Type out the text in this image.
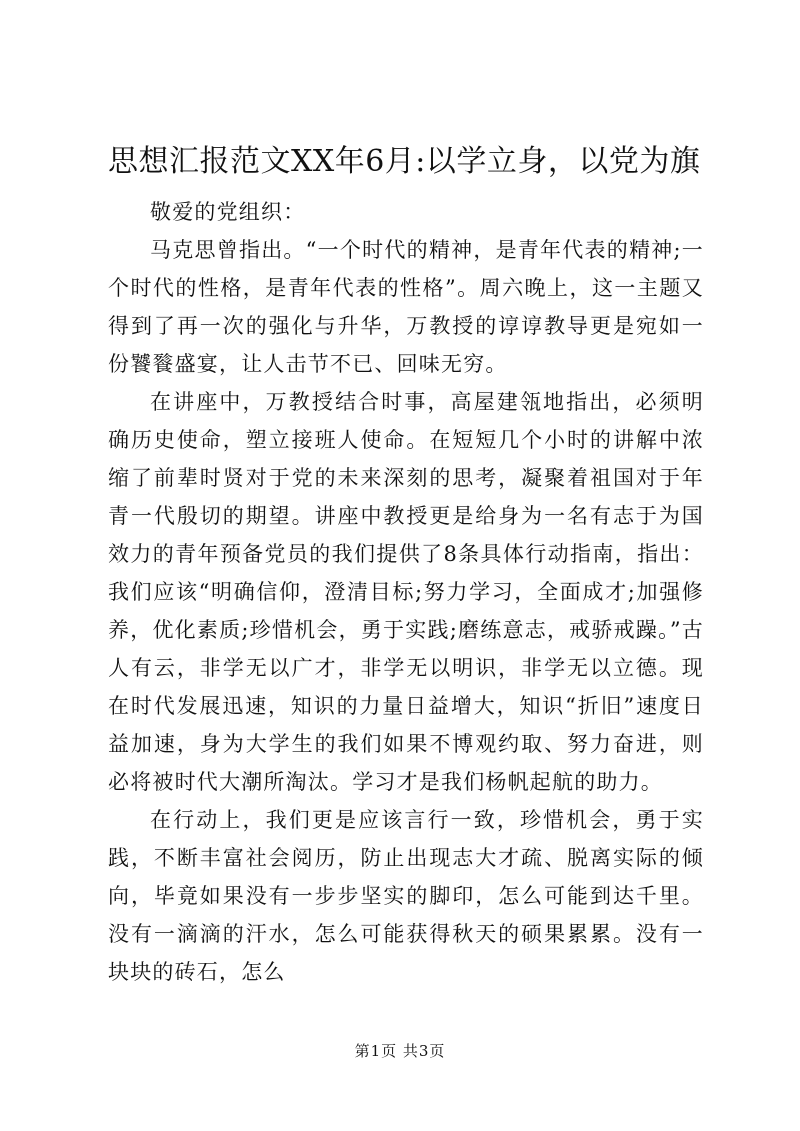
思想汇报范文XX年6月:以学立身，以党为旗

敬爱的党组织：

马克思曾指出。“一个时代的精神，是青年代表的精神;一个时代的性格，是青年代表的性格”。周六晚上，这一主题又得到了再一次的强化与升华，万教授的谆谆教导更是宛如一份饕餮盛宴，让人击节不已、回味无穷。

在讲座中，万教授结合时事，高屋建瓴地指出，必须明确历史使命，塑立接班人使命。在短短几个小时的讲解中浓缩了前辈时贤对于党的未来深刻的思考，凝聚着祖国对于年青一代殷切的期望。讲座中教授更是给身为一名有志于为国效力的青年预备党员的我们提供了8条具体行动指南，指出：我们应该“明确信仰，澄清目标;努力学习，全面成才;加强修养，优化素质;珍惜机会，勇于实践;磨练意志，戒骄戒躁。”古人有云，非学无以广才，非学无以明识，非学无以立德。现在时代发展迅速，知识的力量日益增大，知识“折旧”速度日益加速，身为大学生的我们如果不博观约取、努力奋进，则必将被时代大潮所淘汰。学习才是我们杨帆起航的助力。

在行动上，我们更是应该言行一致，珍惜机会，勇于实践，不断丰富社会阅历，防止出现志大才疏、脱离实际的倾向，毕竟如果没有一步步坚实的脚印，怎么可能到达千里。没有一滴滴的汗水，怎么可能获得秋天的硕果累累。没有一块块的砖石，怎么

第1页 共3页
